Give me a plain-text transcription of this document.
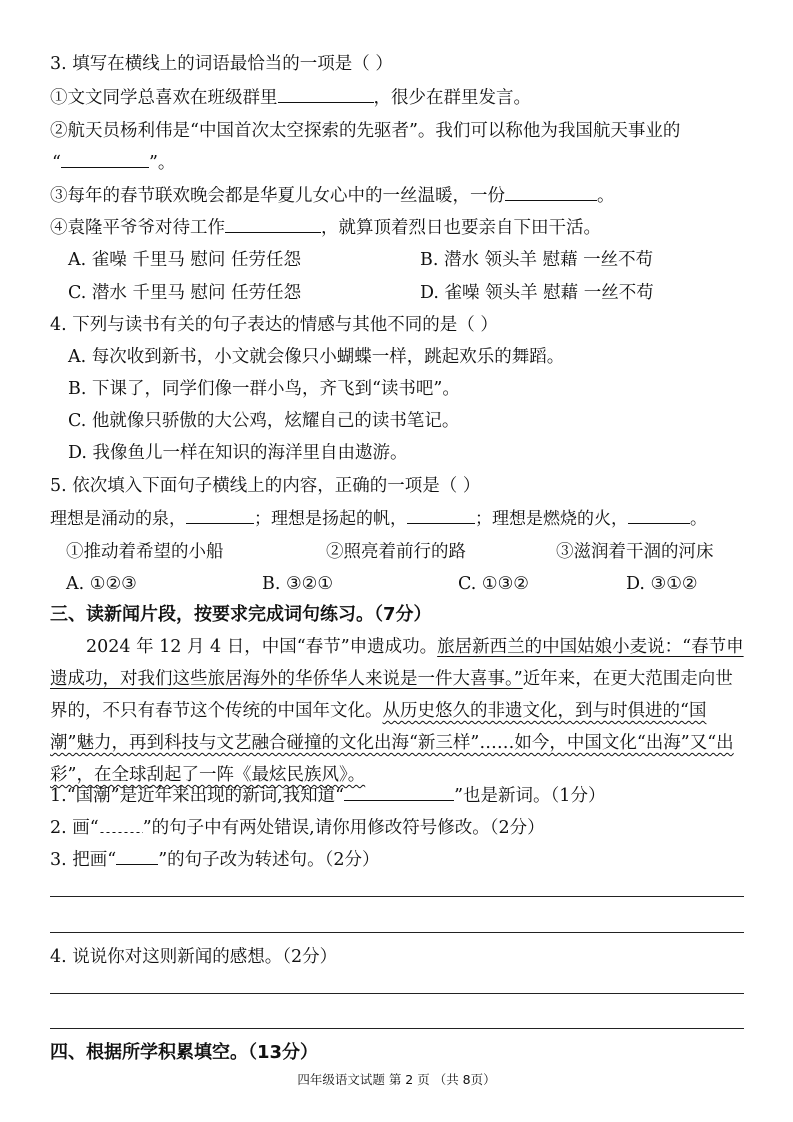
3. 填写在横线上的词语最恰当的一项是（ ）
①文文同学总喜欢在班级群里	，很少在群里发言。
②航天员杨利伟是“中国首次太空探索的先驱者”。我们可以称他为我国航天事业的
“	”。
③每年的春节联欢晚会都是华夏儿女心中的一丝温暖，一份	。
④袁隆平爷爷对待工作	，就算顶着烈日也要亲自下田干活。
A. 雀噪 千里马 慰问 任劳任怨	B. 潜水 领头羊 慰藉 一丝不苟
C. 潜水 千里马 慰问 任劳任怨	D. 雀噪 领头羊 慰藉 一丝不苟
4. 下列与读书有关的句子表达的情感与其他不同的是（ ）
A. 每次收到新书，小文就会像只小蝴蝶一样，跳起欢乐的舞蹈。
B. 下课了，同学们像一群小鸟，齐飞到“读书吧”。
C. 他就像只骄傲的大公鸡，炫耀自己的读书笔记。
D. 我像鱼儿一样在知识的海洋里自由遨游。
5. 依次填入下面句子横线上的内容，正确的一项是（ ）
理想是涌动的泉，	；理想是扬起的帆，	；理想是燃烧的火，	。
①推动着希望的小船	②照亮着前行的路	③滋润着干涸的河床
A. ①②③	B. ③②①	C. ①③②	D. ③①②
三、读新闻片段，按要求完成词句练习。（7分）
2024 年 12 月 4 日，中国“春节”申遗成功。旅居新西兰的中国姑娘小麦说：“春节申遗成功，对我们这些旅居海外的华侨华人来说是一件大喜事。”近年来，在更大范围走向世界的，不只有春节这个传统的中国年文化。从历史悠久的非遗文化，到与时俱进的“国潮”魅力，再到科技与文艺融合碰撞的文化出海“新三样”……如今，中国文化“出海”又“出彩”，在全球刮起了一阵《最炫民族风》。
1.“国潮”是近年来出现的新词,我知道“	”也是新词。（1分）
2. 画“	”的句子中有两处错误,请你用修改符号修改。（2分）
3. 把画“ ”的句子改为转述句。（2分）
4. 说说你对这则新闻的感想。（2分）
四、根据所学积累填空。（13分）
四年级语文试题 第 2 页 （共 8页）
